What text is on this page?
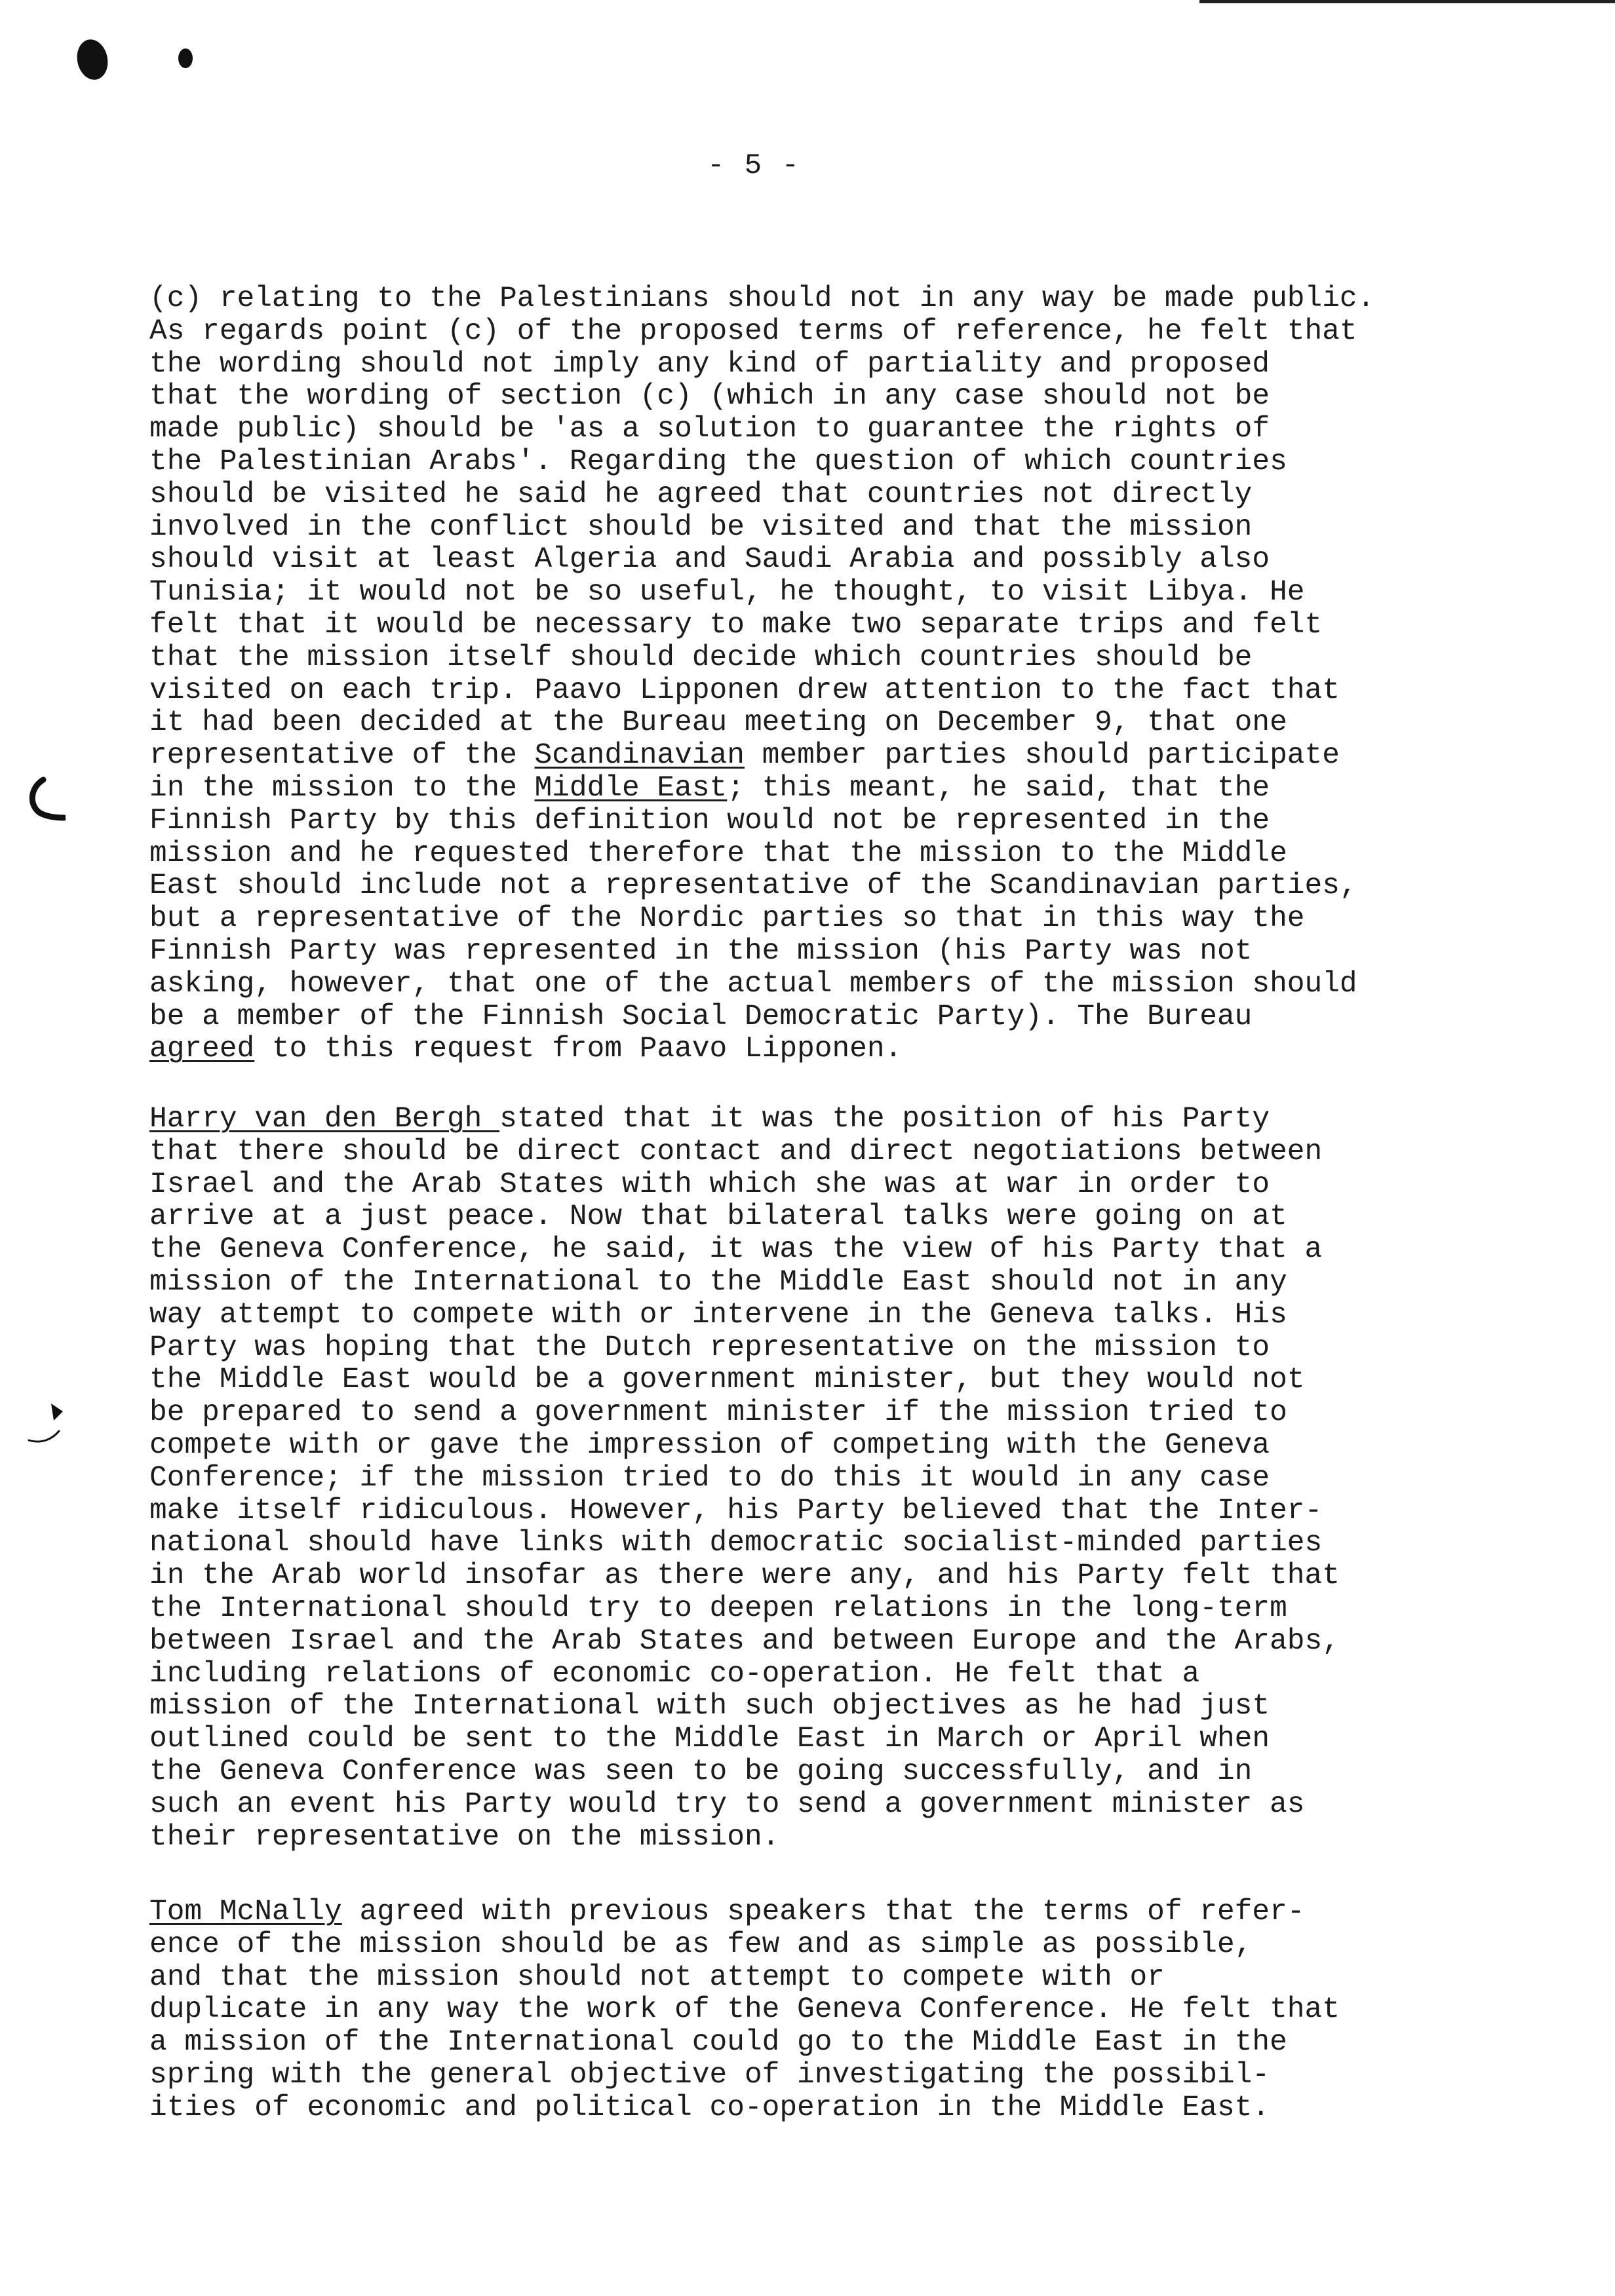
- 5 -
(c) relating to the Palestinians should not in any way be made public.
As regards point (c) of the proposed terms of reference, he felt that
the wording should not imply any kind of partiality and proposed
that the wording of section (c) (which in any case should not be
made public) should be 'as a solution to guarantee the rights of
the Palestinian Arabs'. Regarding the question of which countries
should be visited he said he agreed that countries not directly
involved in the conflict should be visited and that the mission
should visit at least Algeria and Saudi Arabia and possibly also
Tunisia; it would not be so useful, he thought, to visit Libya. He
felt that it would be necessary to make two separate trips and felt
that the mission itself should decide which countries should be
visited on each trip. Paavo Lipponen drew attention to the fact that
it had been decided at the Bureau meeting on December 9, that one
representative of the Scandinavian member parties should participate
in the mission to the Middle East; this meant, he said, that the
Finnish Party by this definition would not be represented in the
mission and he requested therefore that the mission to the Middle
East should include not a representative of the Scandinavian parties,
but a representative of the Nordic parties so that in this way the
Finnish Party was represented in the mission (his Party was not
asking, however, that one of the actual members of the mission should
be a member of the Finnish Social Democratic Party). The Bureau
agreed to this request from Paavo Lipponen.
Harry van den Bergh stated that it was the position of his Party
that there should be direct contact and direct negotiations between
Israel and the Arab States with which she was at war in order to
arrive at a just peace. Now that bilateral talks were going on at
the Geneva Conference, he said, it was the view of his Party that a
mission of the International to the Middle East should not in any
way attempt to compete with or intervene in the Geneva talks. His
Party was hoping that the Dutch representative on the mission to
the Middle East would be a government minister, but they would not
be prepared to send a government minister if the mission tried to
compete with or gave the impression of competing with the Geneva
Conference; if the mission tried to do this it would in any case
make itself ridiculous. However, his Party believed that the Inter-
national should have links with democratic socialist-minded parties
in the Arab world insofar as there were any, and his Party felt that
the International should try to deepen relations in the long-term
between Israel and the Arab States and between Europe and the Arabs,
including relations of economic co-operation. He felt that a
mission of the International with such objectives as he had just
outlined could be sent to the Middle East in March or April when
the Geneva Conference was seen to be going successfully, and in
such an event his Party would try to send a government minister as
their representative on the mission.
Tom McNally agreed with previous speakers that the terms of refer-
ence of the mission should be as few and as simple as possible,
and that the mission should not attempt to compete with or
duplicate in any way the work of the Geneva Conference. He felt that
a mission of the International could go to the Middle East in the
spring with the general objective of investigating the possibil-
ities of economic and political co-operation in the Middle East.
